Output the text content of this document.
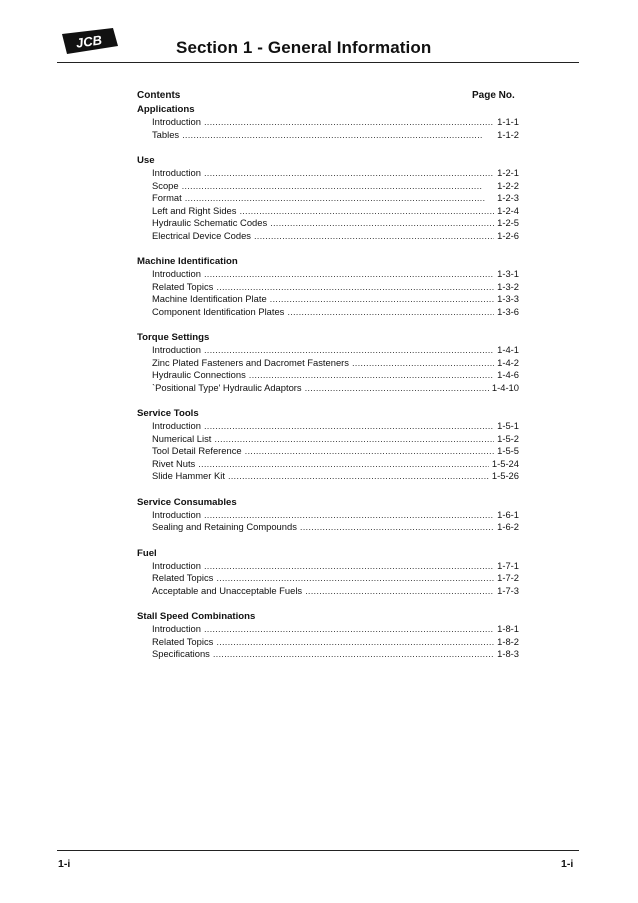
JCB	Section 1 - General Information
Contents	Page No.
Applications
Introduction . . .	1-1-1
Tables . . .	1-1-2
Use
Introduction . . .	1-2-1
Scope . . .	1-2-2
Format . . .	1-2-3
Left and Right Sides . . .	1-2-4
Hydraulic Schematic Codes . . .	1-2-5
Electrical Device Codes . . .	1-2-6
Machine Identification
Introduction . . .	1-3-1
Related Topics . . .	1-3-2
Machine Identification Plate . . .	1-3-3
Component Identification Plates . . .	1-3-6
Torque Settings
Introduction . . .	1-4-1
Zinc Plated Fasteners and Dacromet Fasteners . . .	1-4-2
Hydraulic Connections . . .	1-4-6
`Positional Type' Hydraulic Adaptors . . .	1-4-10
Service Tools
Introduction . . .	1-5-1
Numerical List . . .	1-5-2
Tool Detail Reference . . .	1-5-5
Rivet Nuts . . .	1-5-24
Slide Hammer Kit . . .	1-5-26
Service Consumables
Introduction . . .	1-6-1
Sealing and Retaining Compounds . . .	1-6-2
Fuel
Introduction . . .	1-7-1
Related Topics . . .	1-7-2
Acceptable and Unacceptable Fuels . . .	1-7-3
Stall Speed Combinations
Introduction . . .	1-8-1
Related Topics . . .	1-8-2
Specifications . . .	1-8-3
1-i	1-i
